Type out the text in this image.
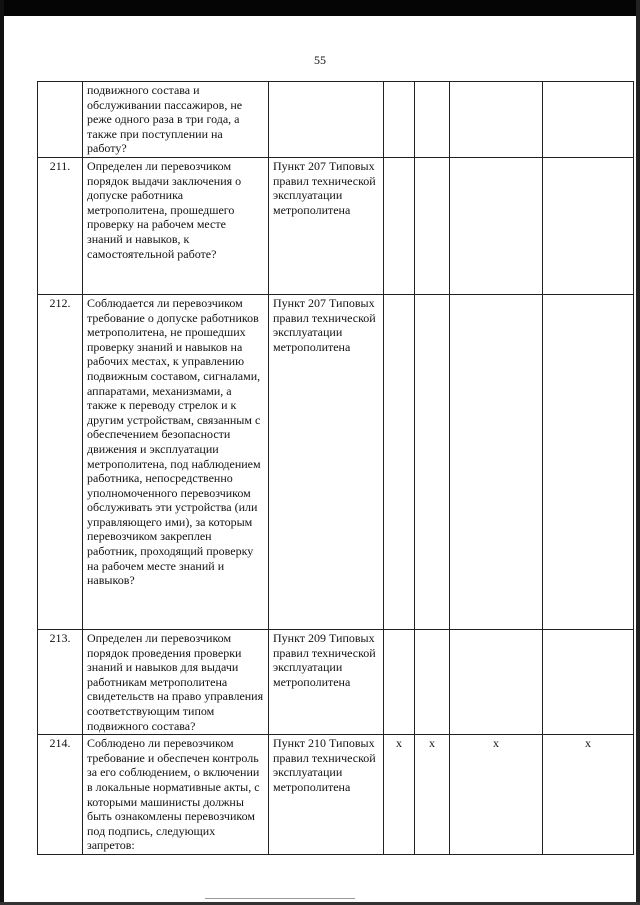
55
	подвижного состава и обслуживании пассажиров, не реже одного раза в три года, а также при поступлении на работу?					
211.	Определен ли перевозчиком порядок выдачи заключения о допуске работника метрополитена, прошедшего проверку на рабочем месте знаний и навыков, к самостоятельной работе?	Пункт 207 Типовых правил технической эксплуатации метрополитена				
212.	Соблюдается ли перевозчиком требование о допуске работников метрополитена, не прошедших проверку знаний и навыков на рабочих местах, к управлению подвижным составом, сигналами, аппаратами, механизмами, а также к переводу стрелок и к другим устройствам, связанным с обеспечением безопасности движения и эксплуатации метрополитена, под наблюдением работника, непосредственно уполномоченного перевозчиком обслуживать эти устройства (или управляющего ими), за которым перевозчиком закреплен работник, проходящий проверку на рабочем месте знаний и навыков?	Пункт 207 Типовых правил технической эксплуатации метрополитена				
213.	Определен ли перевозчиком порядок проведения проверки знаний и навыков для выдачи работникам метрополитена свидетельств на право управления соответствующим типом подвижного состава?	Пункт 209 Типовых правил технической эксплуатации метрополитена				
214.	Соблюдено ли перевозчиком требование и обеспечен контроль за его соблюдением, о включении в локальные нормативные акты, с которыми машинисты должны быть ознакомлены перевозчиком под подпись, следующих запретов:	Пункт 210 Типовых правил технической эксплуатации метрополитена	x	x	x	x
